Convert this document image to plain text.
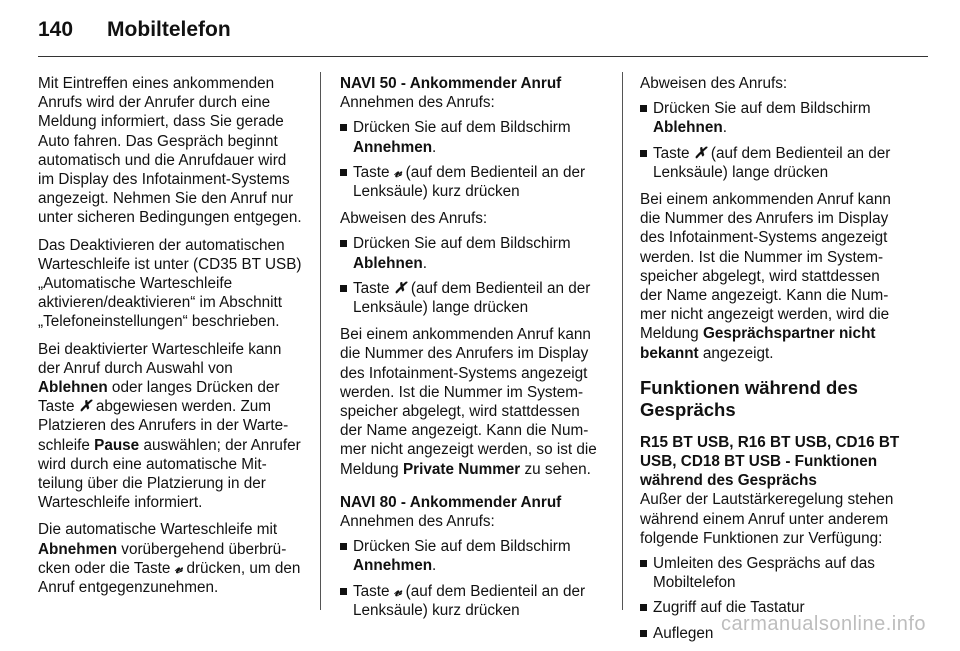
140 Mobiltelefon

Mit Eintreffen eines ankommenden Anrufs wird der Anrufer durch eine Meldung informiert, dass Sie gerade Auto fahren. Das Gespräch beginnt automatisch und die Anrufdauer wird im Display des Infotainment-Systems angezeigt. Nehmen Sie den Anruf nur unter sicheren Bedingungen entgegen.

Das Deaktivieren der automatischen Warteschleife ist unter (CD35 BT USB) „Automatische Warteschleife aktivieren/deaktivieren“ im Abschnitt „Telefoneinstellungen“ beschrieben.

Bei deaktivierter Warteschleife kann der Anruf durch Auswahl von Ablehnen oder langes Drücken der Taste ✗ abgewiesen werden. Zum Platzieren des Anrufers in der Warteschleife Pause auswählen; der Anrufer wird durch eine automatische Mitteilung über die Platzierung in der Warteschleife informiert.

Die automatische Warteschleife mit Abnehmen vorübergehend überbrücken oder die Taste 𝓋 drücken, um den Anruf entgegenzunehmen.

NAVI 50 - Ankommender Anruf

Annehmen des Anrufs:

Drücken Sie auf dem Bildschirm
Annehmen.
Taste 𝓋 (auf dem Bedienteil an der Lenksäule) kurz drücken

Abweisen des Anrufs:

Drücken Sie auf dem Bildschirm
Ablehnen.
Taste ✗ (auf dem Bedienteil an der Lenksäule) lange drücken

Bei einem ankommenden Anruf kann die Nummer des Anrufers im Display des Infotainment-Systems angezeigt werden. Ist die Nummer im Systemspeicher abgelegt, wird stattdessen der Name angezeigt. Kann die Nummer nicht angezeigt werden, so ist die Meldung Private Nummer zu sehen.

NAVI 80 - Ankommender Anruf

Annehmen des Anrufs:

Drücken Sie auf dem Bildschirm
Annehmen.
Taste 𝓋 (auf dem Bedienteil an der Lenksäule) kurz drücken

Abweisen des Anrufs:

Drücken Sie auf dem Bildschirm
Ablehnen.
Taste ✗ (auf dem Bedienteil an der Lenksäule) lange drücken

Bei einem ankommenden Anruf kann die Nummer des Anrufers im Display des Infotainment-Systems angezeigt werden. Ist die Nummer im Systemspeicher abgelegt, wird stattdessen der Name angezeigt. Kann die Nummer nicht angezeigt werden, wird die Meldung Gesprächspartner nicht bekannt angezeigt.

Funktionen während des Gesprächs

R15 BT USB, R16 BT USB, CD16 BT USB, CD18 BT USB - Funktionen während des Gesprächs

Außer der Lautstärkeregelung stehen während einem Anruf unter anderem folgende Funktionen zur Verfügung:

Umleiten des Gesprächs auf das Mobiltelefon
Zugriff auf die Tastatur
Auflegen carmanualsonline.info
